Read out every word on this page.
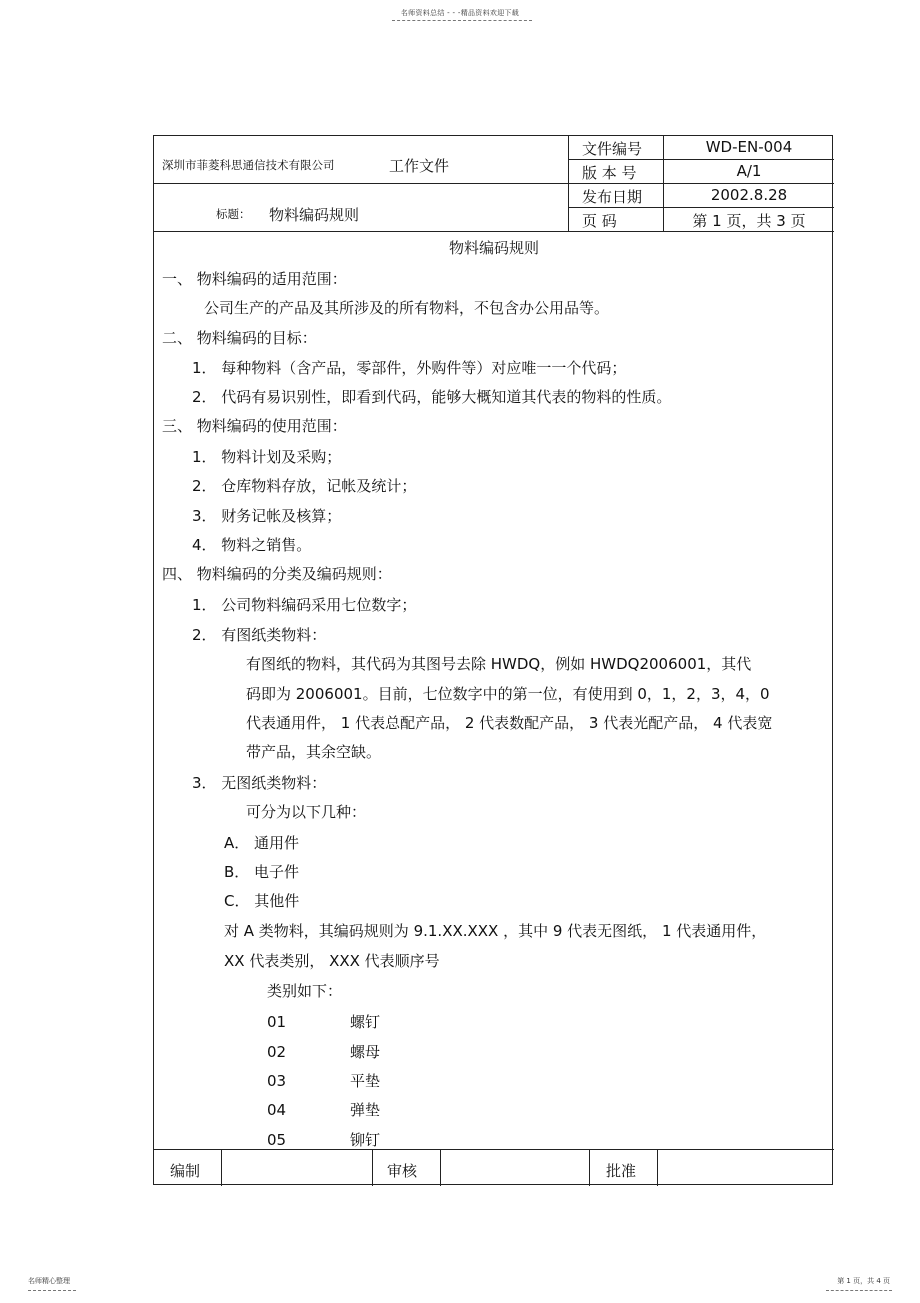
名师资料总结 - - -精品资料欢迎下载
深圳市菲菱科思通信技术有限公司	工作文件
标题： 物料编码规则
文件编号	WD-EN-004
版 本 号	A/1
发布日期	2002.8.28
页 码	第 1 页，共 3 页
物料编码规则
一、 物料编码的适用范围：
公司生产的产品及其所涉及的所有物料，不包含办公用品等。
二、 物料编码的目标：
1． 每种物料（含产品，零部件，外购件等）对应唯一一个代码；
2． 代码有易识别性，即看到代码，能够大概知道其代表的物料的性质。
三、 物料编码的使用范围：
1． 物料计划及采购；
2． 仓库物料存放，记帐及统计；
3． 财务记帐及核算；
4． 物料之销售。
四、 物料编码的分类及编码规则：
1． 公司物料编码采用七位数字；
2． 有图纸类物料：
有图纸的物料，其代码为其图号去除 HWDQ，例如 HWDQ2006001，其代
码即为 2006001。目前，七位数字中的第一位，有使用到 0，1，2，3，4，0
代表通用件， 1 代表总配产品， 2 代表数配产品， 3 代表光配产品， 4 代表宽
带产品，其余空缺。
3． 无图纸类物料：
可分为以下几种：
A． 通用件
B． 电子件
C． 其他件
对 A 类物料，其编码规则为 9.1.XX.XXX ，其中 9 代表无图纸， 1 代表通用件，
XX 代表类别， XXX 代表顺序号
类别如下：
01	螺钉
02	螺母
03	平垫
04	弹垫
05	铆钉
编制	审核	批准
名师精心整理	第 1 页，共 4 页
